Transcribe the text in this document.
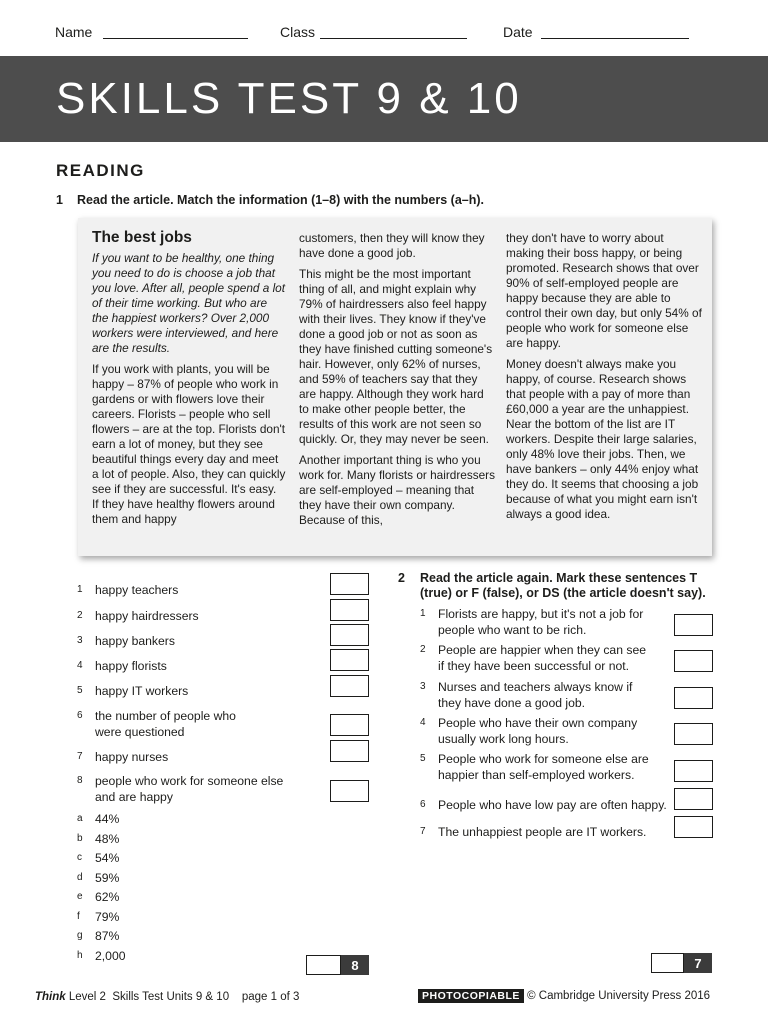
Name	Class	Date
SKILLS TEST 9 & 10
READING
1 Read the article. Match the information (1–8) with the numbers (a–h).
The best jobs

If you want to be healthy, one thing you need to do is choose a job that you love. After all, people spend a lot of their time working. But who are the happiest workers? Over 2,000 workers were interviewed, and here are the results.

If you work with plants, you will be happy – 87% of people who work in gardens or with flowers love their careers. Florists – people who sell flowers – are at the top. Florists don't earn a lot of money, but they see beautiful things every day and meet a lot of people. Also, they can quickly see if they are successful. It's easy. If they have healthy flowers around them and happy

customers, then they will know they have done a good job.

This might be the most important thing of all, and might explain why 79% of hairdressers also feel happy with their lives. They know if they've done a good job or not as soon as they have finished cutting someone's hair. However, only 62% of nurses, and 59% of teachers say that they are happy. Although they work hard to make other people better, the results of this work are not seen so quickly. Or, they may never be seen.

Another important thing is who you work for. Many florists or hairdressers are self-employed – meaning that they have their own company. Because of this,

they don't have to worry about making their boss happy, or being promoted. Research shows that over 90% of self-employed people are happy because they are able to control their own day, but only 54% of people who work for someone else are happy.

Money doesn't always make you happy, of course. Research shows that people with a pay of more than £60,000 a year are the unhappiest. Near the bottom of the list are IT workers. Despite their large salaries, only 48% love their jobs. Then, we have bankers – only 44% enjoy what they do. It seems that choosing a job because of what you might earn isn't always a good idea.

1 happy teachers
2 happy hairdressers
3 happy bankers
4 happy florists
5 happy IT workers
6 the number of people who were questioned
7 happy nurses
8 people who work for someone else and are happy
a 44%
b 48%
c 54%
d 59%
e 62%
f 79%
g 87%
h 2,000
8
2 Read the article again. Mark these sentences T (true) or F (false), or DS (the article doesn't say).
1 Florists are happy, but it's not a job for people who want to be rich.
2 People are happier when they can see if they have been successful or not.
3 Nurses and teachers always know if they have done a good job.
4 People who have their own company usually work long hours.
5 People who work for someone else are happier than self-employed workers.
6 People who have low pay are often happy.
7 The unhappiest people are IT workers.
7
Think Level 2  Skills Test Units 9 & 10    page 1 of 3	PHOTOCOPIABLE © Cambridge University Press 2016
